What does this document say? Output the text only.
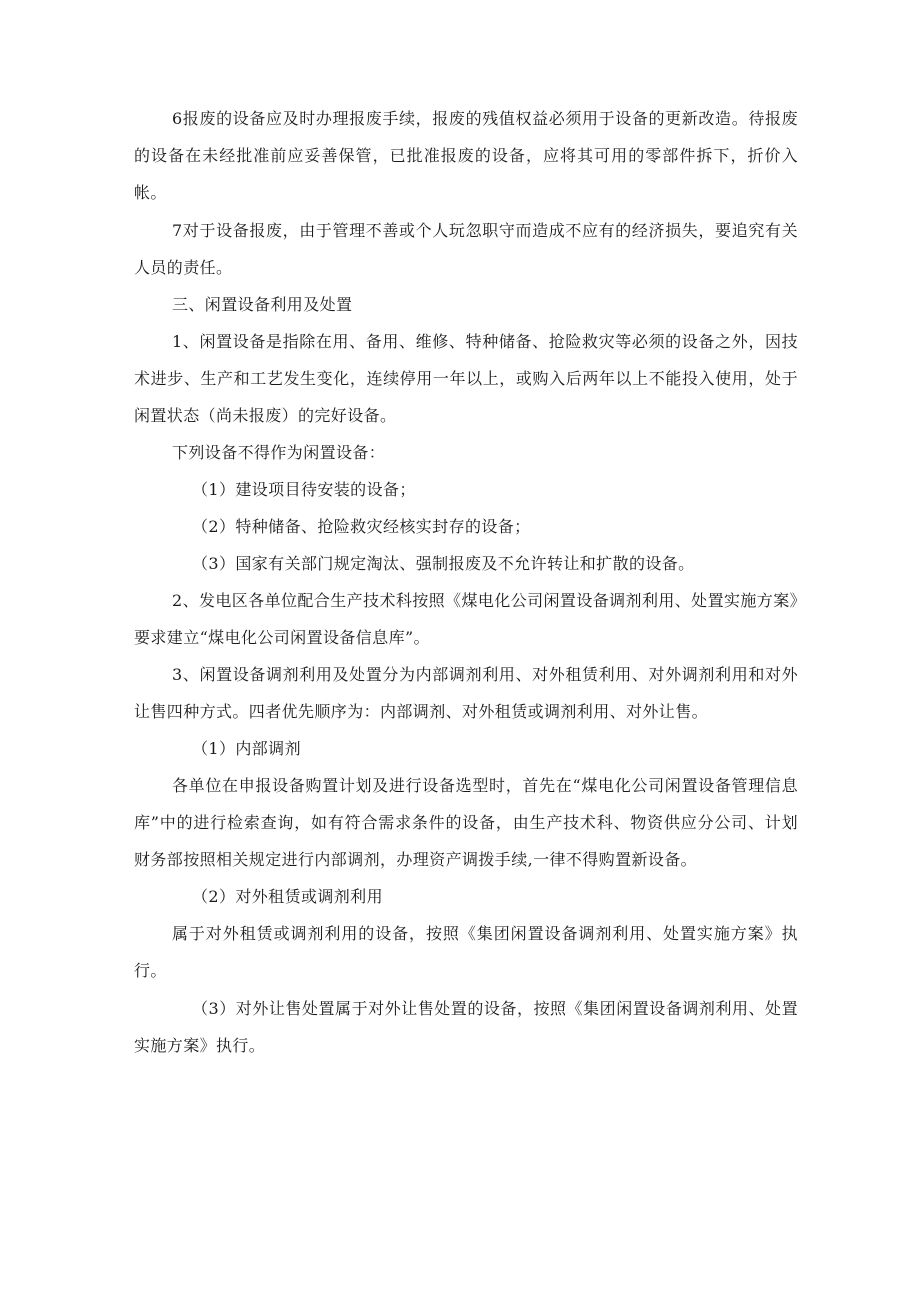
6报废的设备应及时办理报废手续，报废的残值权益必须用于设备的更新改造。待报废的设备在未经批准前应妥善保管，已批准报废的设备，应将其可用的零部件拆下，折价入帐。

7对于设备报废，由于管理不善或个人玩忽职守而造成不应有的经济损失，要追究有关人员的责任。

三、闲置设备利用及处置

1、闲置设备是指除在用、备用、维修、特种储备、抢险救灾等必须的设备之外，因技术进步、生产和工艺发生变化，连续停用一年以上，或购入后两年以上不能投入使用，处于闲置状态（尚未报废）的完好设备。

下列设备不得作为闲置设备：

（1）建设项目待安装的设备；

（2）特种储备、抢险救灾经核实封存的设备；

（3）国家有关部门规定淘汰、强制报废及不允许转让和扩散的设备。

2、发电区各单位配合生产技术科按照《煤电化公司闲置设备调剂利用、处置实施方案》要求建立“煤电化公司闲置设备信息库”。

3、闲置设备调剂利用及处置分为内部调剂利用、对外租赁利用、对外调剂利用和对外让售四种方式。四者优先顺序为：内部调剂、对外租赁或调剂利用、对外让售。

（1）内部调剂

各单位在申报设备购置计划及进行设备选型时，首先在“煤电化公司闲置设备管理信息库”中的进行检索查询，如有符合需求条件的设备，由生产技术科、物资供应分公司、计划财务部按照相关规定进行内部调剂，办理资产调拨手续,一律不得购置新设备。

（2）对外租赁或调剂利用

属于对外租赁或调剂利用的设备，按照《集团闲置设备调剂利用、处置实施方案》执行。

（3）对外让售处置属于对外让售处置的设备，按照《集团闲置设备调剂利用、处置实施方案》执行。
